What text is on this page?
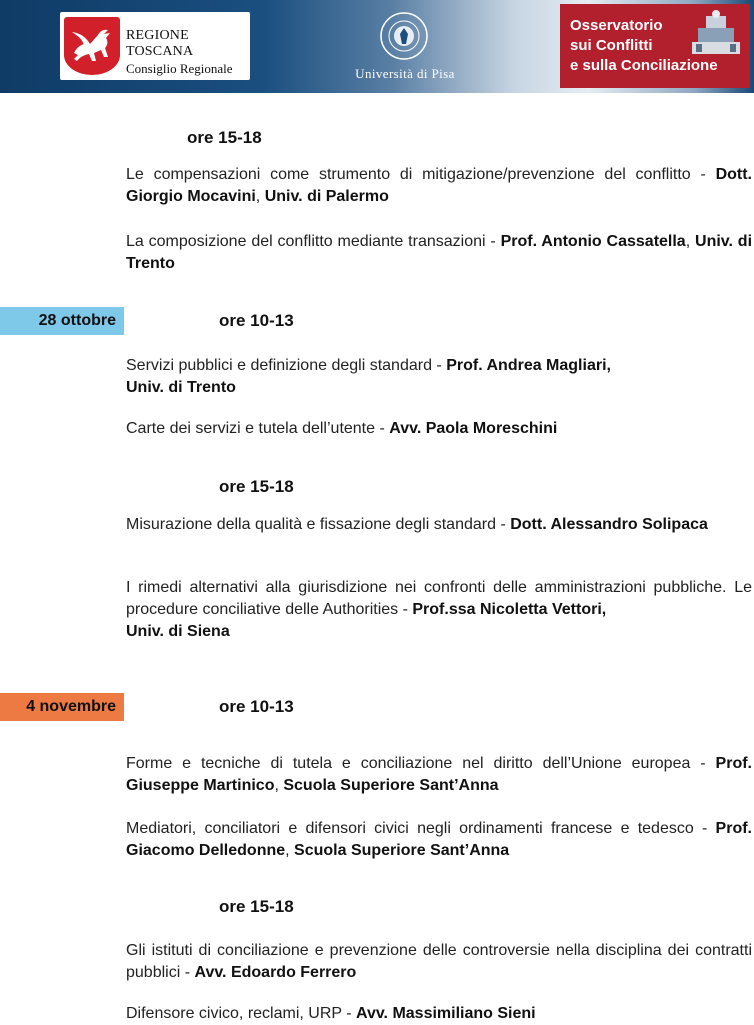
REGIONE TOSCANA
Consiglio Regionale	Università di Pisa
Osservatorio
sui Conflitti
e sulla Conciliazione
ore 15-18

Le compensazioni come strumento di mitigazione/prevenzione del conflitto - Dott. Giorgio Mocavini, Univ. di Palermo

La composizione del conflitto mediante transazioni - Prof. Antonio Cassatella, Univ. di Trento

28 ottobre	ore 10-13

Servizi pubblici e definizione degli standard - Prof. Andrea Magliari,
Univ. di Trento

Carte dei servizi e tutela dell’utente - Avv. Paola Moreschini

ore 15-18

Misurazione della qualità e fissazione degli standard - Dott. Alessandro Solipaca

I rimedi alternativi alla giurisdizione nei confronti delle amministrazioni pubbliche. Le procedure conciliative delle Authorities - Prof.ssa Nicoletta Vettori,
Univ. di Siena

4 novembre	ore 10-13

Forme e tecniche di tutela e conciliazione nel diritto dell’Unione europea - Prof. Giuseppe Martinico, Scuola Superiore Sant’Anna

Mediatori, conciliatori e difensori civici negli ordinamenti francese e tedesco - Prof. Giacomo Delledonne, Scuola Superiore Sant’Anna

ore 15-18

Gli istituti di conciliazione e prevenzione delle controversie nella disciplina dei contratti pubblici - Avv. Edoardo Ferrero

Difensore civico, reclami, URP - Avv. Massimiliano Sieni
